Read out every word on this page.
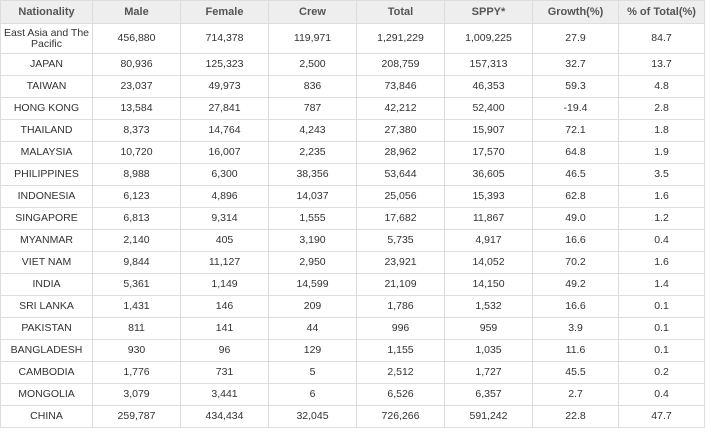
Nationality	Male	Female	Crew	Total	SPPY*	Growth(%)	% of Total(%)
East Asia and The Pacific	456,880	714,378	119,971	1,291,229	1,009,225	27.9	84.7
JAPAN	80,936	125,323	2,500	208,759	157,313	32.7	13.7
TAIWAN	23,037	49,973	836	73,846	46,353	59.3	4.8
HONG KONG	13,584	27,841	787	42,212	52,400	-19.4	2.8
THAILAND	8,373	14,764	4,243	27,380	15,907	72.1	1.8
MALAYSIA	10,720	16,007	2,235	28,962	17,570	64.8	1.9
PHILIPPINES	8,988	6,300	38,356	53,644	36,605	46.5	3.5
INDONESIA	6,123	4,896	14,037	25,056	15,393	62.8	1.6
SINGAPORE	6,813	9,314	1,555	17,682	11,867	49.0	1.2
MYANMAR	2,140	405	3,190	5,735	4,917	16.6	0.4
VIET NAM	9,844	11,127	2,950	23,921	14,052	70.2	1.6
INDIA	5,361	1,149	14,599	21,109	14,150	49.2	1.4
SRI LANKA	1,431	146	209	1,786	1,532	16.6	0.1
PAKISTAN	811	141	44	996	959	3.9	0.1
BANGLADESH	930	96	129	1,155	1,035	11.6	0.1
CAMBODIA	1,776	731	5	2,512	1,727	45.5	0.2
MONGOLIA	3,079	3,441	6	6,526	6,357	2.7	0.4
CHINA	259,787	434,434	32,045	726,266	591,242	22.8	47.7
